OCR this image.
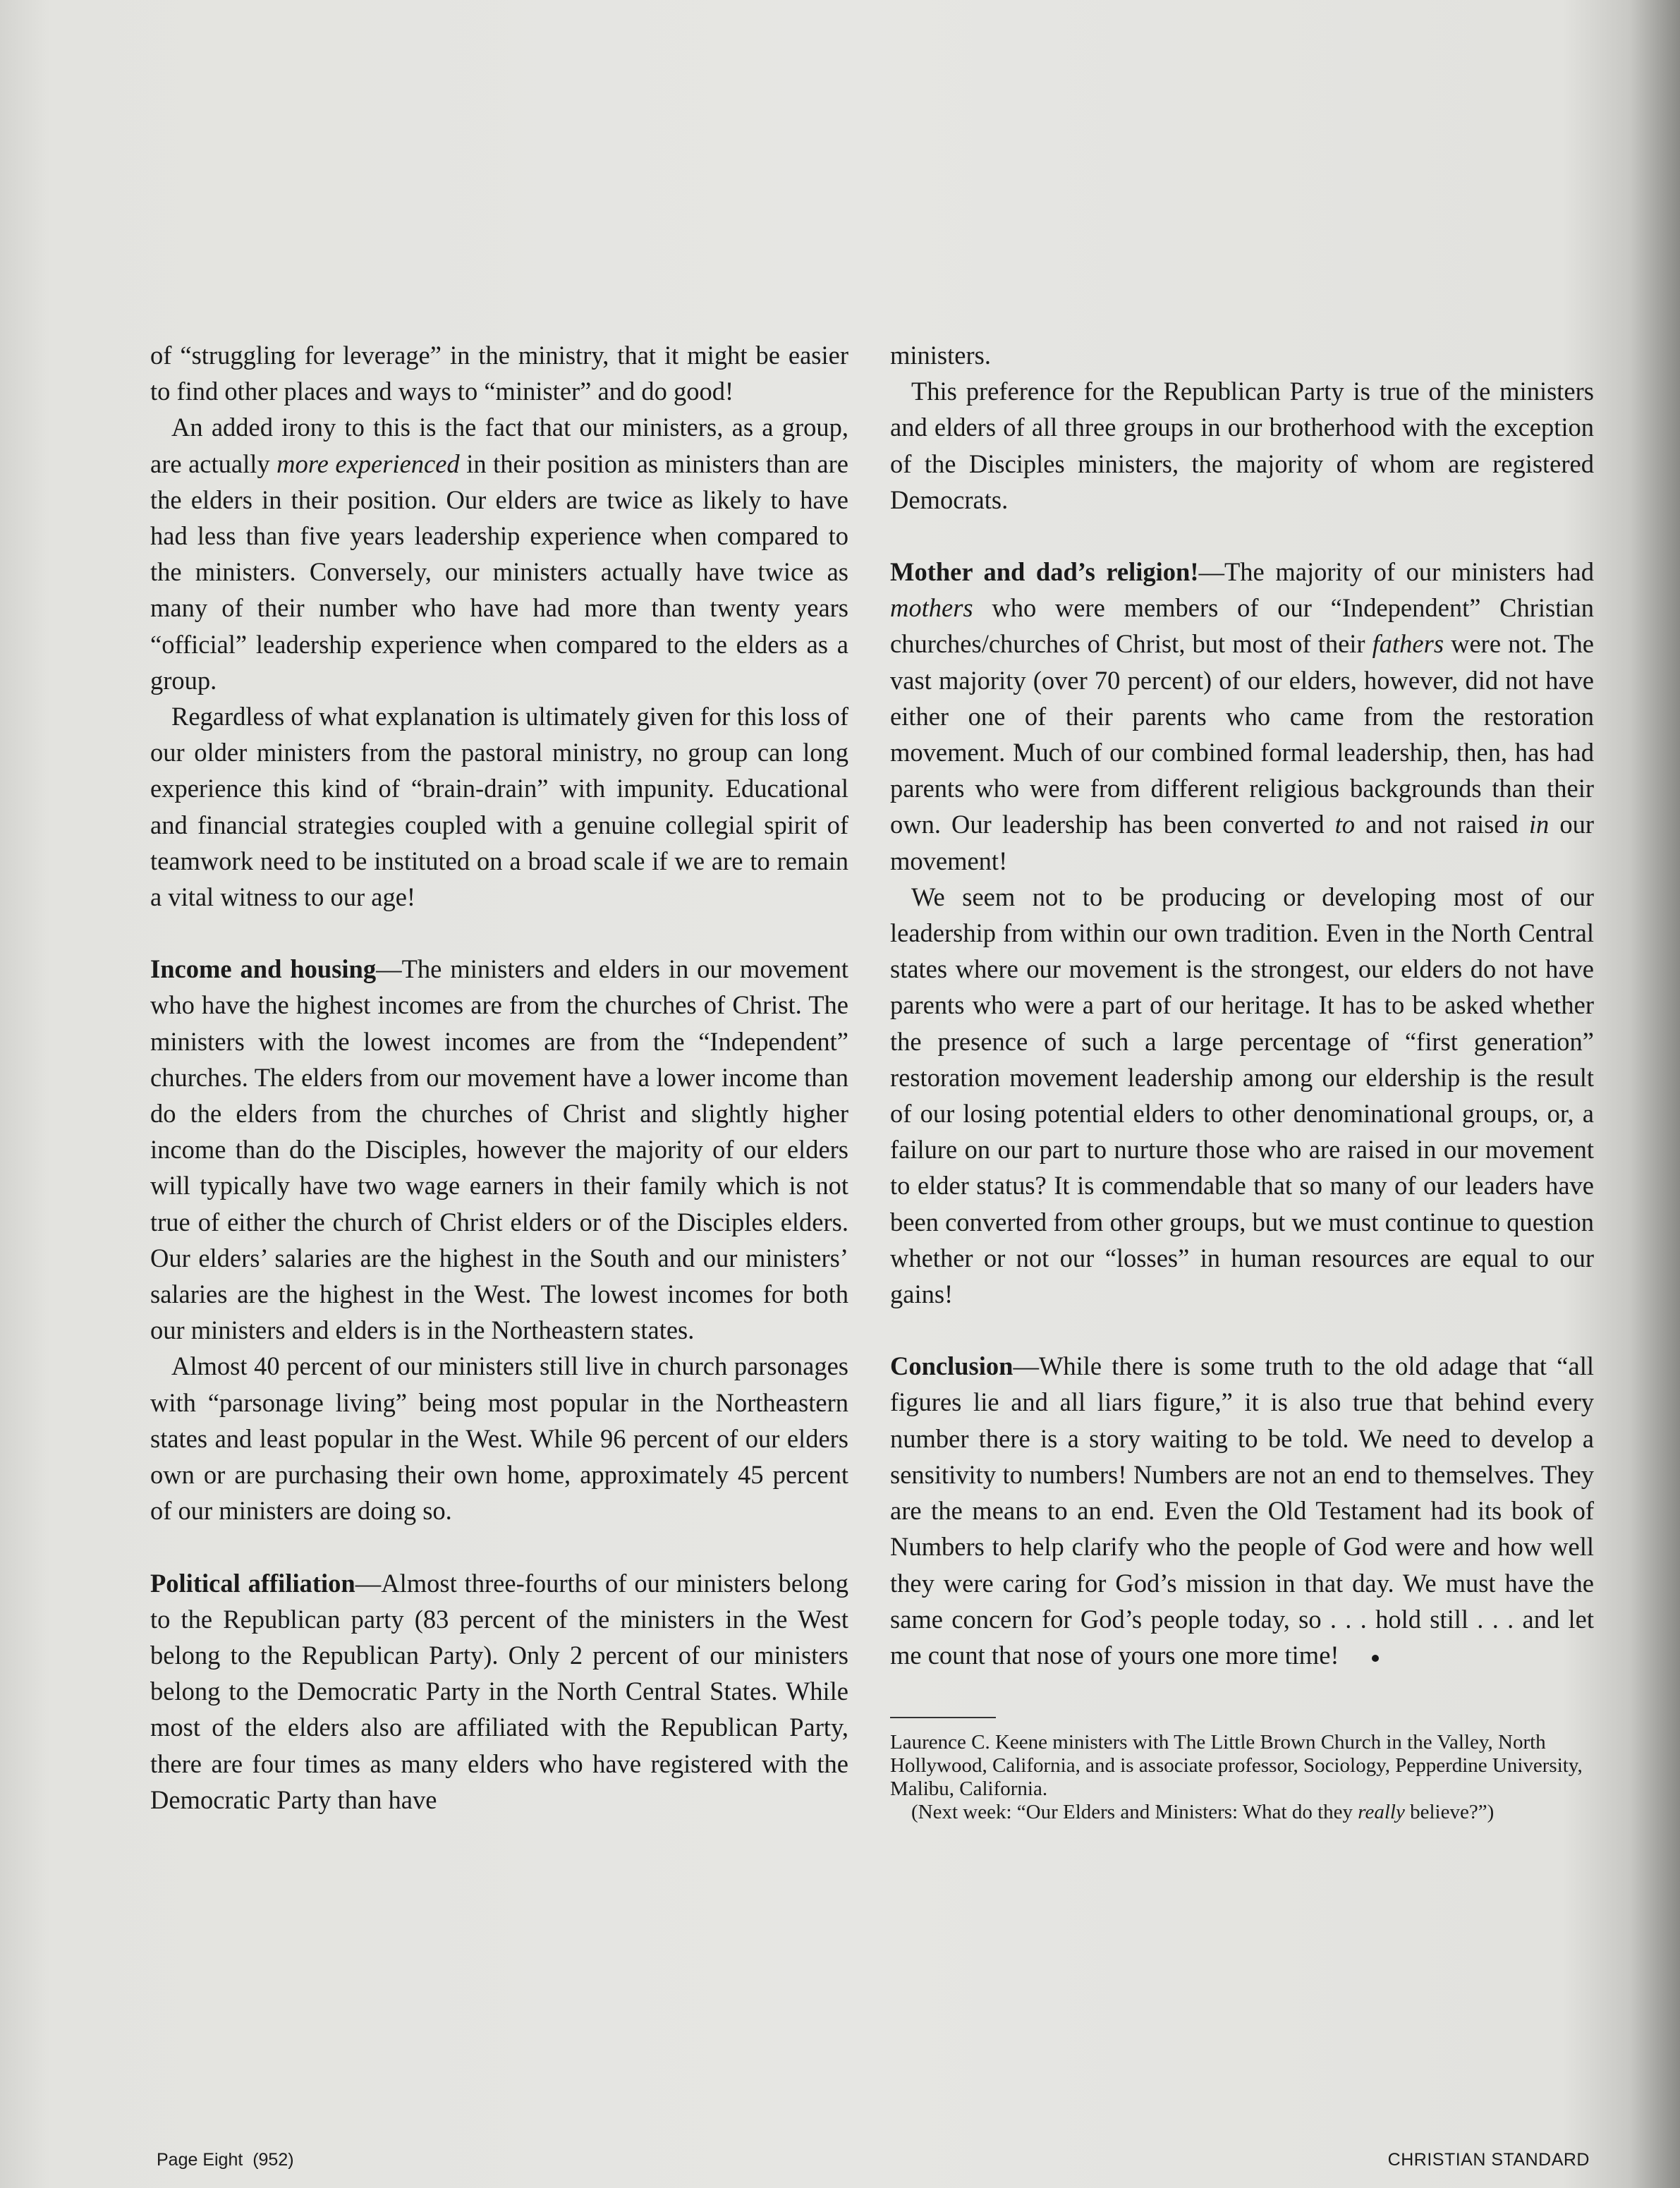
of “struggling for leverage” in the ministry, that it might be easier to find other places and ways to “minister” and do good!

An added irony to this is the fact that our ministers, as a group, are actually more experienced in their position as ministers than are the elders in their position. Our elders are twice as likely to have had less than five years leadership experience when compared to the ministers. Conversely, our ministers actually have twice as many of their number who have had more than twenty years “official” leadership experience when compared to the elders as a group.

Regardless of what explanation is ultimately given for this loss of our older ministers from the pastoral ministry, no group can long experience this kind of “brain-drain” with impunity. Educational and financial strategies coupled with a genuine collegial spirit of teamwork need to be instituted on a broad scale if we are to remain a vital witness to our age!

Income and housing—The ministers and elders in our movement who have the highest incomes are from the churches of Christ. The ministers with the lowest incomes are from the “Independent” churches. The elders from our movement have a lower income than do the elders from the churches of Christ and slightly higher income than do the Disciples, however the majority of our elders will typically have two wage earners in their family which is not true of either the church of Christ elders or of the Disciples elders. Our elders’ salaries are the highest in the South and our ministers’ salaries are the highest in the West. The lowest incomes for both our ministers and elders is in the Northeastern states.

Almost 40 percent of our ministers still live in church parsonages with “parsonage living” being most popular in the Northeastern states and least popular in the West. While 96 percent of our elders own or are purchasing their own home, approximately 45 percent of our ministers are doing so.

Political affiliation—Almost three-fourths of our ministers belong to the Republican party (83 percent of the ministers in the West belong to the Republican Party). Only 2 percent of our ministers belong to the Democratic Party in the North Central States. While most of the elders also are affiliated with the Republican Party, there are four times as many elders who have registered with the Democratic Party than have

ministers.

This preference for the Republican Party is true of the ministers and elders of all three groups in our brotherhood with the exception of the Disciples ministers, the majority of whom are registered Democrats.

Mother and dad’s religion!—The majority of our ministers had mothers who were members of our “Independent” Christian churches/churches of Christ, but most of their fathers were not. The vast majority (over 70 percent) of our elders, however, did not have either one of their parents who came from the restoration movement. Much of our combined formal leadership, then, has had parents who were from different religious backgrounds than their own. Our leadership has been converted to and not raised in our movement!

We seem not to be producing or developing most of our leadership from within our own tradition. Even in the North Central states where our movement is the strongest, our elders do not have parents who were a part of our heritage. It has to be asked whether the presence of such a large percentage of “first generation” restoration movement leadership among our eldership is the result of our losing potential elders to other denominational groups, or, a failure on our part to nurture those who are raised in our movement to elder status? It is commendable that so many of our leaders have been converted from other groups, but we must continue to question whether or not our “losses” in human resources are equal to our gains!

Conclusion—While there is some truth to the old adage that “all figures lie and all liars figure,” it is also true that behind every number there is a story waiting to be told. We need to develop a sensitivity to numbers! Numbers are not an end to themselves. They are the means to an end. Even the Old Testament had its book of Numbers to help clarify who the people of God were and how well they were caring for God’s mission in that day. We must have the same concern for God’s people today, so . . . hold still . . . and let me count that nose of yours one more time!

Laurence C. Keene ministers with The Little Brown Church in the Valley, North Hollywood, California, and is associate professor, Sociology, Pepperdine University, Malibu, California.

(Next week: “Our Elders and Ministers: What do they really believe?”)

Page Eight  (952)	CHRISTIAN STANDARD
